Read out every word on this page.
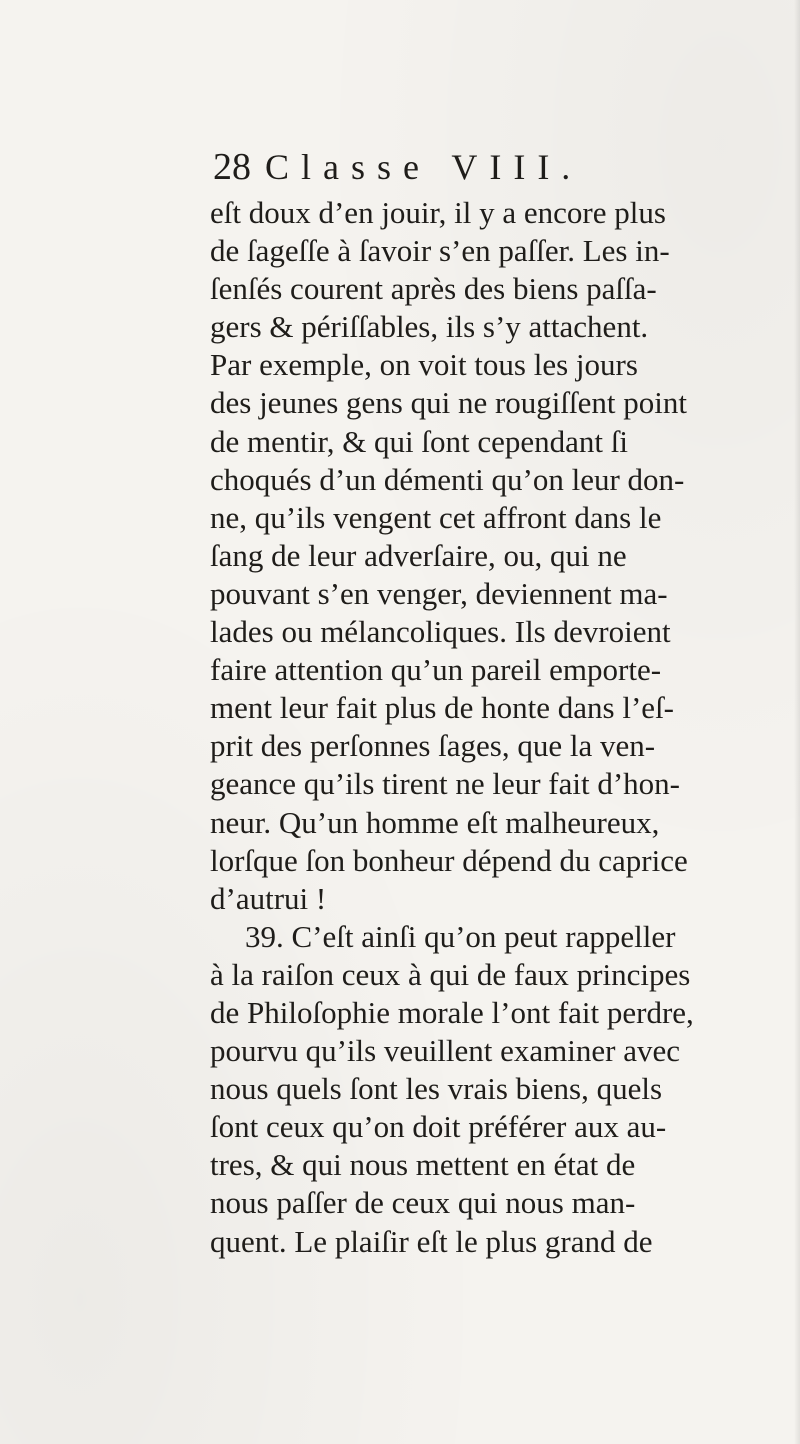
28 Classe VIII.
eſt doux d’en jouir, il y a encore plus
de ſageſſe à ſavoir s’en paſſer. Les in-
ſenſés courent après des biens paſſa-
gers & périſſables, ils s’y attachent.
Par exemple, on voit tous les jours
des jeunes gens qui ne rougiſſent point
de mentir, & qui ſont cependant ſi
choqués d’un démenti qu’on leur don-
ne, qu’ils vengent cet affront dans le
ſang de leur adverſaire, ou, qui ne
pouvant s’en venger, deviennent ma-
lades ou mélancoliques. Ils devroient
faire attention qu’un pareil emporte-
ment leur fait plus de honte dans l’eſ-
prit des perſonnes ſages, que la ven-
geance qu’ils tirent ne leur fait d’hon-
neur. Qu’un homme eſt malheureux,
lorſque ſon bonheur dépend du caprice
d’autrui !
39. C’eſt ainſi qu’on peut rappeller
à la raiſon ceux à qui de faux principes
de Philoſophie morale l’ont fait perdre,
pourvu qu’ils veuillent examiner avec
nous quels ſont les vrais biens, quels
ſont ceux qu’on doit préférer aux au-
tres, & qui nous mettent en état de
nous paſſer de ceux qui nous man-
quent. Le plaiſir eſt le plus grand de
